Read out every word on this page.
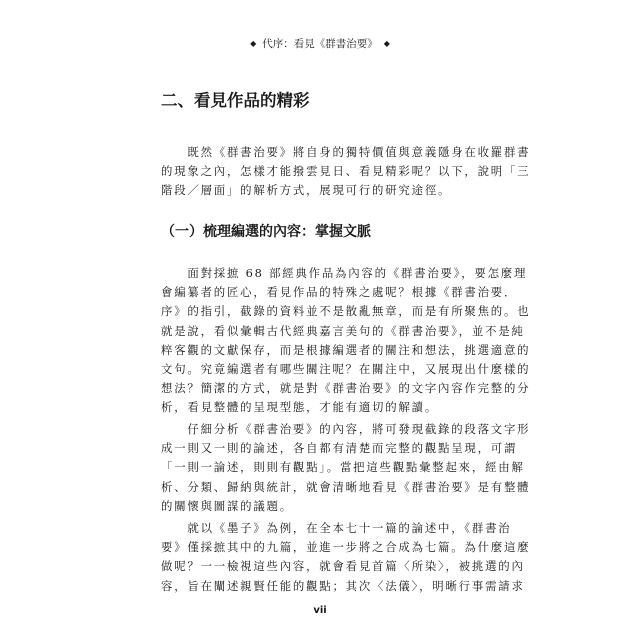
◆ 代序：看見《群書治要》 ◆
二、看見作品的精彩

　　既然《群書治要》將自身的獨特價值與意義隱身在收羅群書
的現象之內，怎樣才能撥雲見日、看見精彩呢？以下，說明「三
階段／層面」的解析方式，展現可行的研究途徑。

（一）梳理編選的內容：掌握文脈

　　面對採摭 68 部經典作品為內容的《群書治要》，要怎麼理
會編纂者的匠心，看見作品的特殊之處呢？根據《群書治要．
序》的指引，截錄的資料並不是散亂無章，而是有所聚焦的。也
就是說，看似彙輯古代經典嘉言美句的《群書治要》，並不是純
粹客觀的文獻保存，而是根據編選者的關注和想法，挑選適意的
文句。究竟編選者有哪些關注呢？在關注中，又展現出什麼樣的
想法？簡潔的方式，就是對《群書治要》的文字內容作完整的分
析，看見整體的呈現型態，才能有適切的解讀。

　　仔細分析《群書治要》的內容，將可發現截錄的段落文字形
成一則又一則的論述，各自都有清楚而完整的觀點呈現，可謂
「一則一論述，則則有觀點」。當把這些觀點彙整起來，經由解
析、分類、歸納與統計，就會清晰地看見《群書治要》是有整體
的關懷與圖謀的議題。

　　就以《墨子》為例，在全本七十一篇的論述中，《群書治
要》僅採摭其中的九篇，並進一步將之合成為七篇。為什麼這麼
做呢？一一檢視這些內容，就會看見首篇〈所染〉，被挑選的內
容，旨在闡述親賢任能的觀點；其次〈法儀〉，明晰行事需請求

vii
